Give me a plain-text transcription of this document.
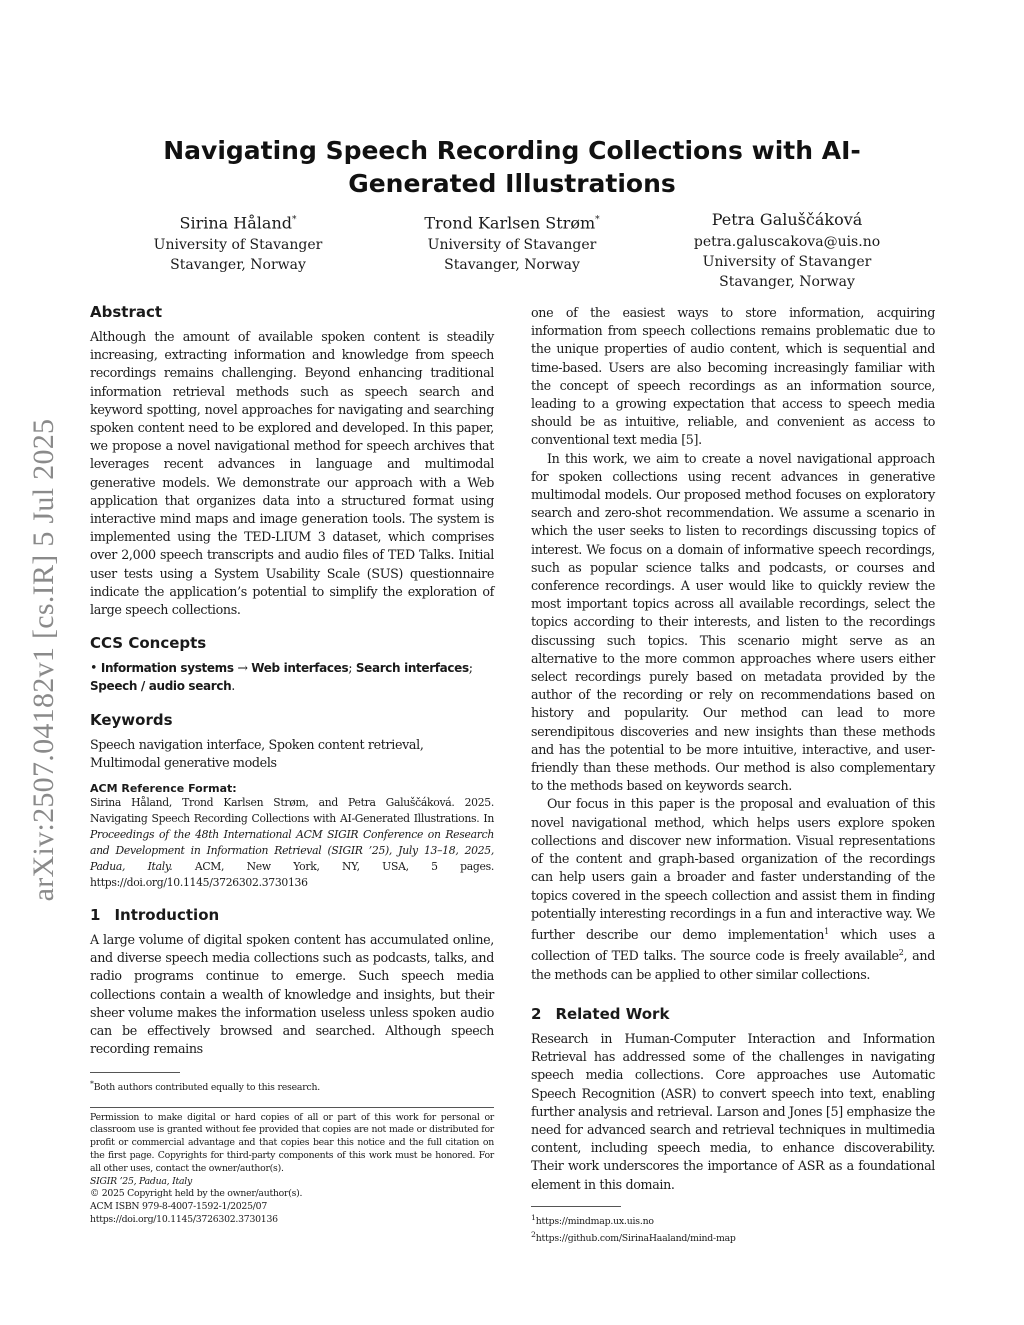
arXiv:2507.04182v1 [cs.IR] 5 Jul 2025
Navigating Speech Recording Collections with AI-Generated Illustrations
Sirina Håland*
University of Stavanger
Stavanger, Norway
Trond Karlsen Strøm*
University of Stavanger
Stavanger, Norway
Petra Galuščáková
petra.galuscakova@uis.no
University of Stavanger
Stavanger, Norway
Abstract

Although the amount of available spoken content is steadily increasing, extracting information and knowledge from speech recordings remains challenging. Beyond enhancing traditional information retrieval methods such as speech search and keyword spotting, novel approaches for navigating and searching spoken content need to be explored and developed. In this paper, we propose a novel navigational method for speech archives that leverages recent advances in language and multimodal generative models. We demonstrate our approach with a Web application that organizes data into a structured format using interactive mind maps and image generation tools. The system is implemented using the TED-LIUM 3 dataset, which comprises over 2,000 speech transcripts and audio files of TED Talks. Initial user tests using a System Usability Scale (SUS) questionnaire indicate the application’s potential to simplify the exploration of large speech collections.

CCS Concepts
• Information systems → Web interfaces; Search interfaces; Speech / audio search.
Keywords

Speech navigation interface, Spoken content retrieval, Multimodal generative models

ACM Reference Format:
Sirina Håland, Trond Karlsen Strøm, and Petra Galuščáková. 2025. Navigating Speech Recording Collections with AI-Generated Illustrations. In Proceedings of the 48th International ACM SIGIR Conference on Research and Development in Information Retrieval (SIGIR ’25), July 13–18, 2025, Padua, Italy. ACM, New York, NY, USA, 5 pages. https://doi.org/10.1145/3726302.3730136
1 Introduction

A large volume of digital spoken content has accumulated online, and diverse speech media collections such as podcasts, talks, and radio programs continue to emerge. Such speech media collections contain a wealth of knowledge and insights, but their sheer volume makes the information useless unless spoken audio can be effectively browsed and searched. Although speech recording remains

*Both authors contributed equally to this research.
Permission to make digital or hard copies of all or part of this work for personal or classroom use is granted without fee provided that copies are not made or distributed for profit or commercial advantage and that copies bear this notice and the full citation on the first page. Copyrights for third-party components of this work must be honored. For all other uses, contact the owner/author(s).
SIGIR ’25, Padua, Italy
© 2025 Copyright held by the owner/author(s).
ACM ISBN 979-8-4007-1592-1/2025/07
https://doi.org/10.1145/3726302.3730136

one of the easiest ways to store information, acquiring information from speech collections remains problematic due to the unique properties of audio content, which is sequential and time-based. Users are also becoming increasingly familiar with the concept of speech recordings as an information source, leading to a growing expectation that access to speech media should be as intuitive, reliable, and convenient as access to conventional text media [5].

In this work, we aim to create a novel navigational approach for spoken collections using recent advances in generative multimodal models. Our proposed method focuses on exploratory search and zero-shot recommendation. We assume a scenario in which the user seeks to listen to recordings discussing topics of interest. We focus on a domain of informative speech recordings, such as popular science talks and podcasts, or courses and conference recordings. A user would like to quickly review the most important topics across all available recordings, select the topics according to their interests, and listen to the recordings discussing such topics. This scenario might serve as an alternative to the more common approaches where users either select recordings purely based on metadata provided by the author of the recording or rely on recommendations based on history and popularity. Our method can lead to more serendipitous discoveries and new insights than these methods and has the potential to be more intuitive, interactive, and user-friendly than these methods. Our method is also complementary to the methods based on keywords search.

Our focus in this paper is the proposal and evaluation of this novel navigational method, which helps users explore spoken collections and discover new information. Visual representations of the content and graph-based organization of the recordings can help users gain a broader and faster understanding of the topics covered in the speech collection and assist them in finding potentially interesting recordings in a fun and interactive way. We further describe our demo implementation$^1$ which uses a collection of TED talks. The source code is freely available$^2$, and the methods can be applied to other similar collections.

2 Related Work

Research in Human-Computer Interaction and Information Retrieval has addressed some of the challenges in navigating speech media collections. Core approaches use Automatic Speech Recognition (ASR) to convert speech into text, enabling further analysis and retrieval. Larson and Jones [5] emphasize the need for advanced search and retrieval techniques in multimedia content, including speech media, to enhance discoverability. Their work underscores the importance of ASR as a foundational element in this domain.

$^1$https://mindmap.ux.uis.no
$^2$https://github.com/SirinaHaaland/mind-map
